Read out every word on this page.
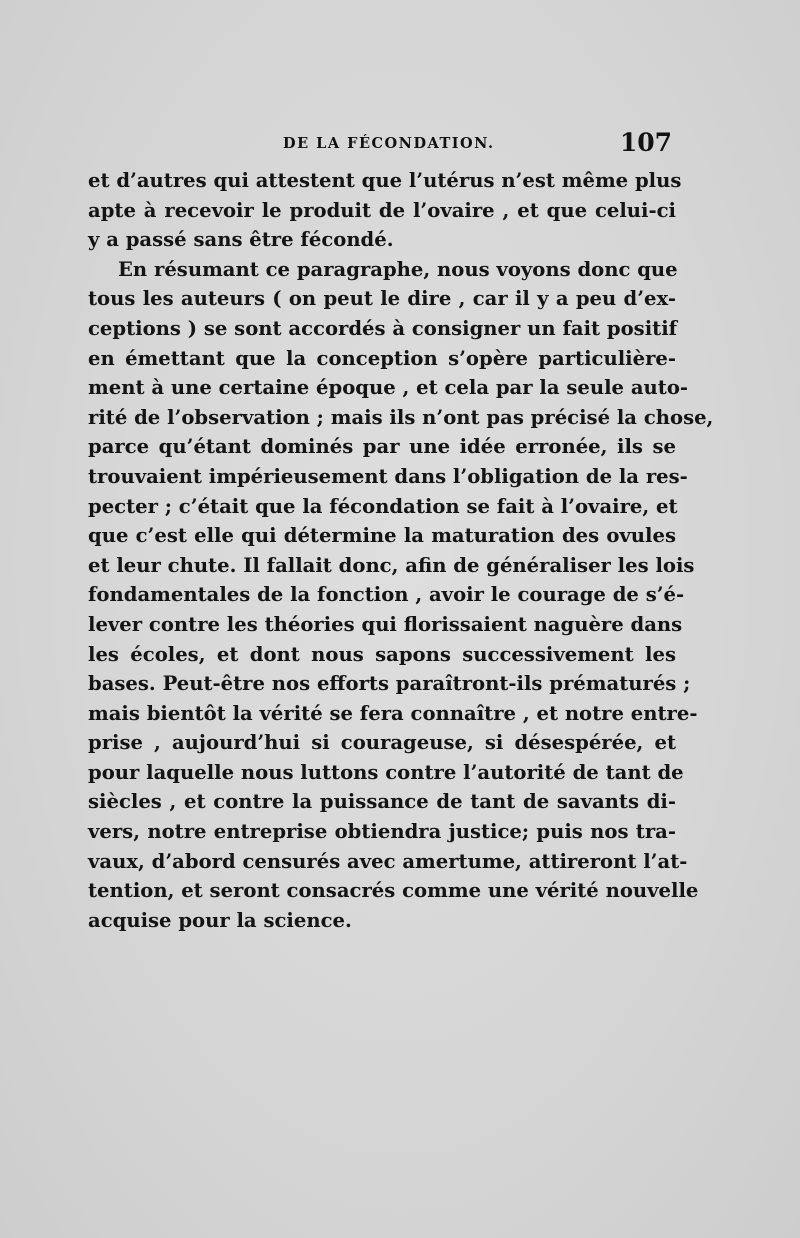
DE LA FÉCONDATION.	107
et d’autres qui attestent que l’utérus n’est même plus
apte à recevoir le produit de l’ovaire , et que celui-ci
y a passé sans être fécondé.
En résumant ce paragraphe, nous voyons donc que
tous les auteurs ( on peut le dire , car il y a peu d’ex-
ceptions ) se sont accordés à consigner un fait positif
en émettant que la conception s’opère particulière-
ment à une certaine époque , et cela par la seule auto-
rité de l’observation ; mais ils n’ont pas précisé la chose,
parce qu’étant dominés par une idée erronée, ils se
trouvaient impérieusement dans l’obligation de la res-
pecter ; c’était que la fécondation se fait à l’ovaire, et
que c’est elle qui détermine la maturation des ovules
et leur chute. Il fallait donc, afin de généraliser les lois
fondamentales de la fonction , avoir le courage de s’é-
lever contre les théories qui florissaient naguère dans
les écoles, et dont nous sapons successivement les
bases. Peut-être nos efforts paraîtront-ils prématurés ;
mais bientôt la vérité se fera connaître , et notre entre-
prise , aujourd’hui si courageuse, si désespérée, et
pour laquelle nous luttons contre l’autorité de tant de
siècles , et contre la puissance de tant de savants di-
vers, notre entreprise obtiendra justice; puis nos tra-
vaux, d’abord censurés avec amertume, attireront l’at-
tention, et seront consacrés comme une vérité nouvelle
acquise pour la science.
